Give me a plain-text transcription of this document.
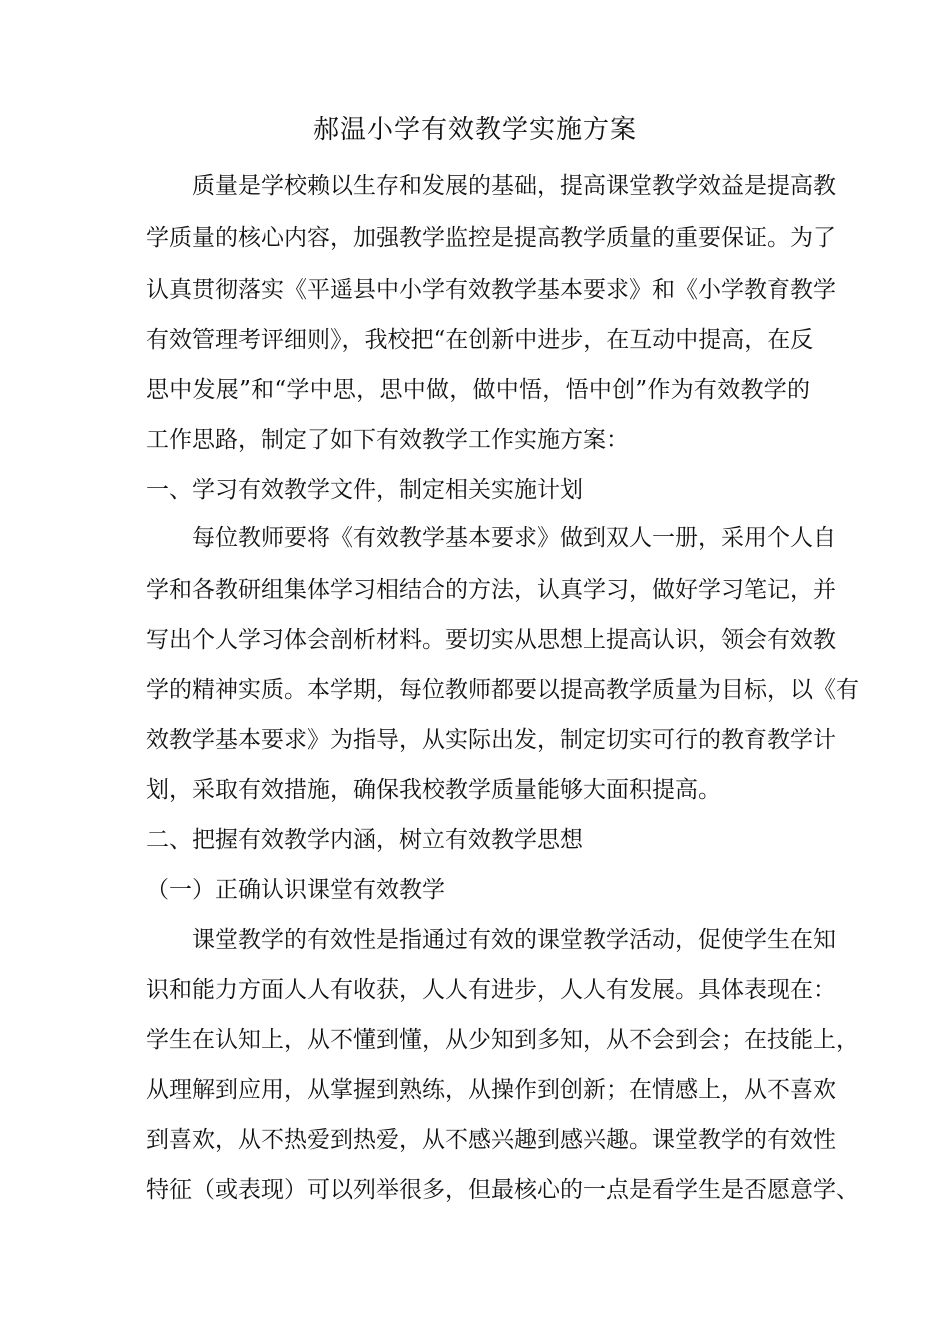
郝温小学有效教学实施方案
质量是学校赖以生存和发展的基础，提高课堂教学效益是提高教
学质量的核心内容，加强教学监控是提高教学质量的重要保证。为了
认真贯彻落实《平遥县中小学有效教学基本要求》和《小学教育教学
有效管理考评细则》，我校把“在创新中进步，在互动中提高，在反
思中发展”和“学中思，思中做，做中悟，悟中创”作为有效教学的
工作思路，制定了如下有效教学工作实施方案：
一、学习有效教学文件，制定相关实施计划
每位教师要将《有效教学基本要求》做到双人一册，采用个人自
学和各教研组集体学习相结合的方法，认真学习，做好学习笔记，并
写出个人学习体会剖析材料。要切实从思想上提高认识，领会有效教
学的精神实质。本学期，每位教师都要以提高教学质量为目标，以《有
效教学基本要求》为指导，从实际出发，制定切实可行的教育教学计
划，采取有效措施，确保我校教学质量能够大面积提高。
二、把握有效教学内涵，树立有效教学思想
（一）正确认识课堂有效教学
课堂教学的有效性是指通过有效的课堂教学活动，促使学生在知
识和能力方面人人有收获，人人有进步，人人有发展。具体表现在：
学生在认知上，从不懂到懂，从少知到多知，从不会到会；在技能上，
从理解到应用，从掌握到熟练，从操作到创新；在情感上，从不喜欢
到喜欢，从不热爱到热爱，从不感兴趣到感兴趣。课堂教学的有效性
特征（或表现）可以列举很多，但最核心的一点是看学生是否愿意学、
